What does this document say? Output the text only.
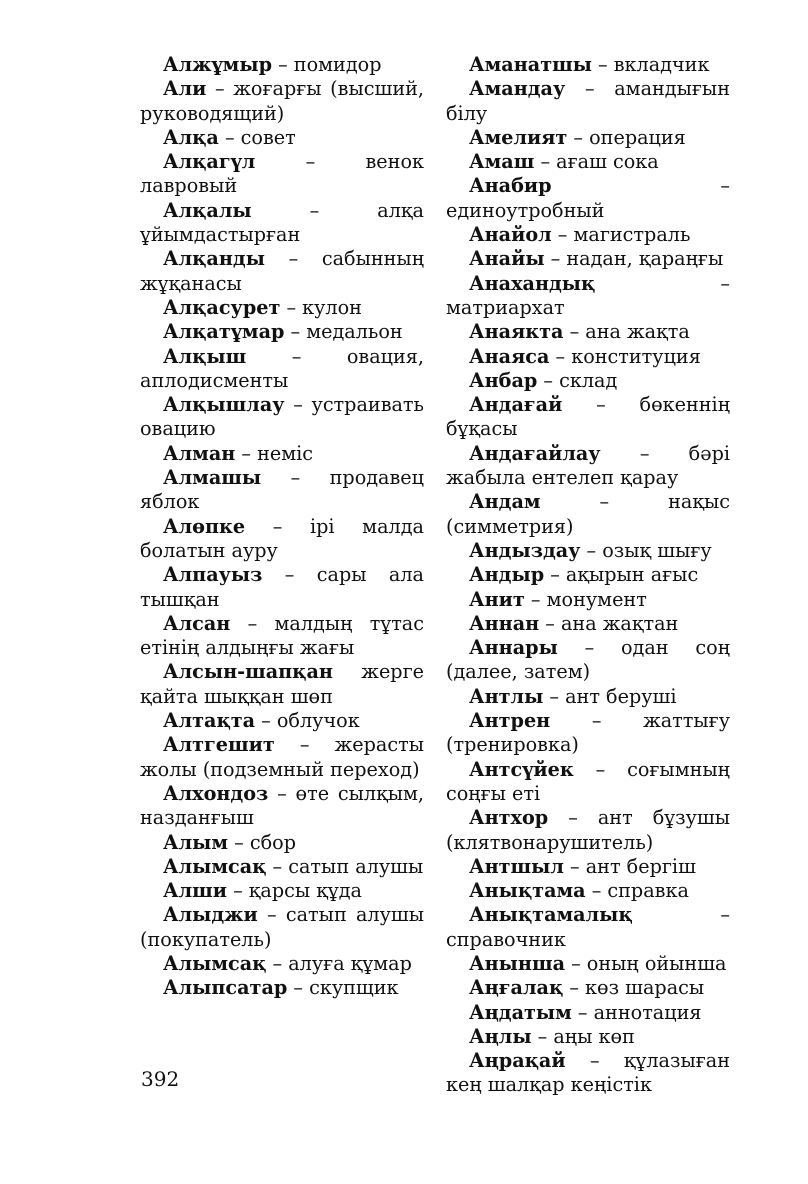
Алжұмыр – помидор
Али – жоғарғы (высший, руководящий)
Алқа – совет
Алқагүл – венок лавровый
Алқалы – алқа ұйымдастырған
Алқанды – сабынның жұқанасы
Алқасурет – кулон
Алқатұмар – медальон
Алқыш – овация, аплодисменты
Алқышлау – устраивать овацию
Алман – неміс
Алмашы – продавец яблок
Алөпке – ірі малда болатын ауру
Алпауыз – сары ала тышқан
Алсан – малдың тұтас етінің алдыңғы жағы
Алсын-шапқан жерге қайта шыққан шөп
Алтақта – облучок
Алтгешит – жерасты жолы (подземный переход)
Алхондоз – өте сылқым, назданғыш
Алым – сбор
Алымсақ – сатып алушы
Алши – қарсы құда
Алыджи – сатып алушы (покупатель)
Алымсақ – алуға құмар
Алыпсатар – скупщик
Аманатшы – вкладчик
Амандау – амандығын білу
Амелият – операция
Амаш – ағаш сока
Анабир – единоутробный
Анайол – магистраль
Анайы – надан, қараңғы
Анахандық – матриархат
Анаякта – ана жақта
Анаяса – конституция
Анбар – склад
Андағай – бөкеннің бұқасы
Андағайлау – бәрі жабыла ентелеп қарау
Андам – нақыс (симметрия)
Андыздау – озық шығу
Андыр – ақырын ағыс
Анит – монумент
Аннан – ана жақтан
Аннары – одан соң (далее, затем)
Антлы – ант беруші
Антрен – жаттығу (тренировка)
Антсүйек – соғымның соңғы еті
Антхор – ант бұзушы (клятвонарушитель)
Антшыл – ант бергіш
Анықтама – справка
Анықтамалық – справочник
Анынша – оның ойынша
Аңғалақ – көз шарасы
Аңдатым – аннотация
Аңлы – аңы көп
Аңрақай – құлазыған кең шалқар кеңістік
392
